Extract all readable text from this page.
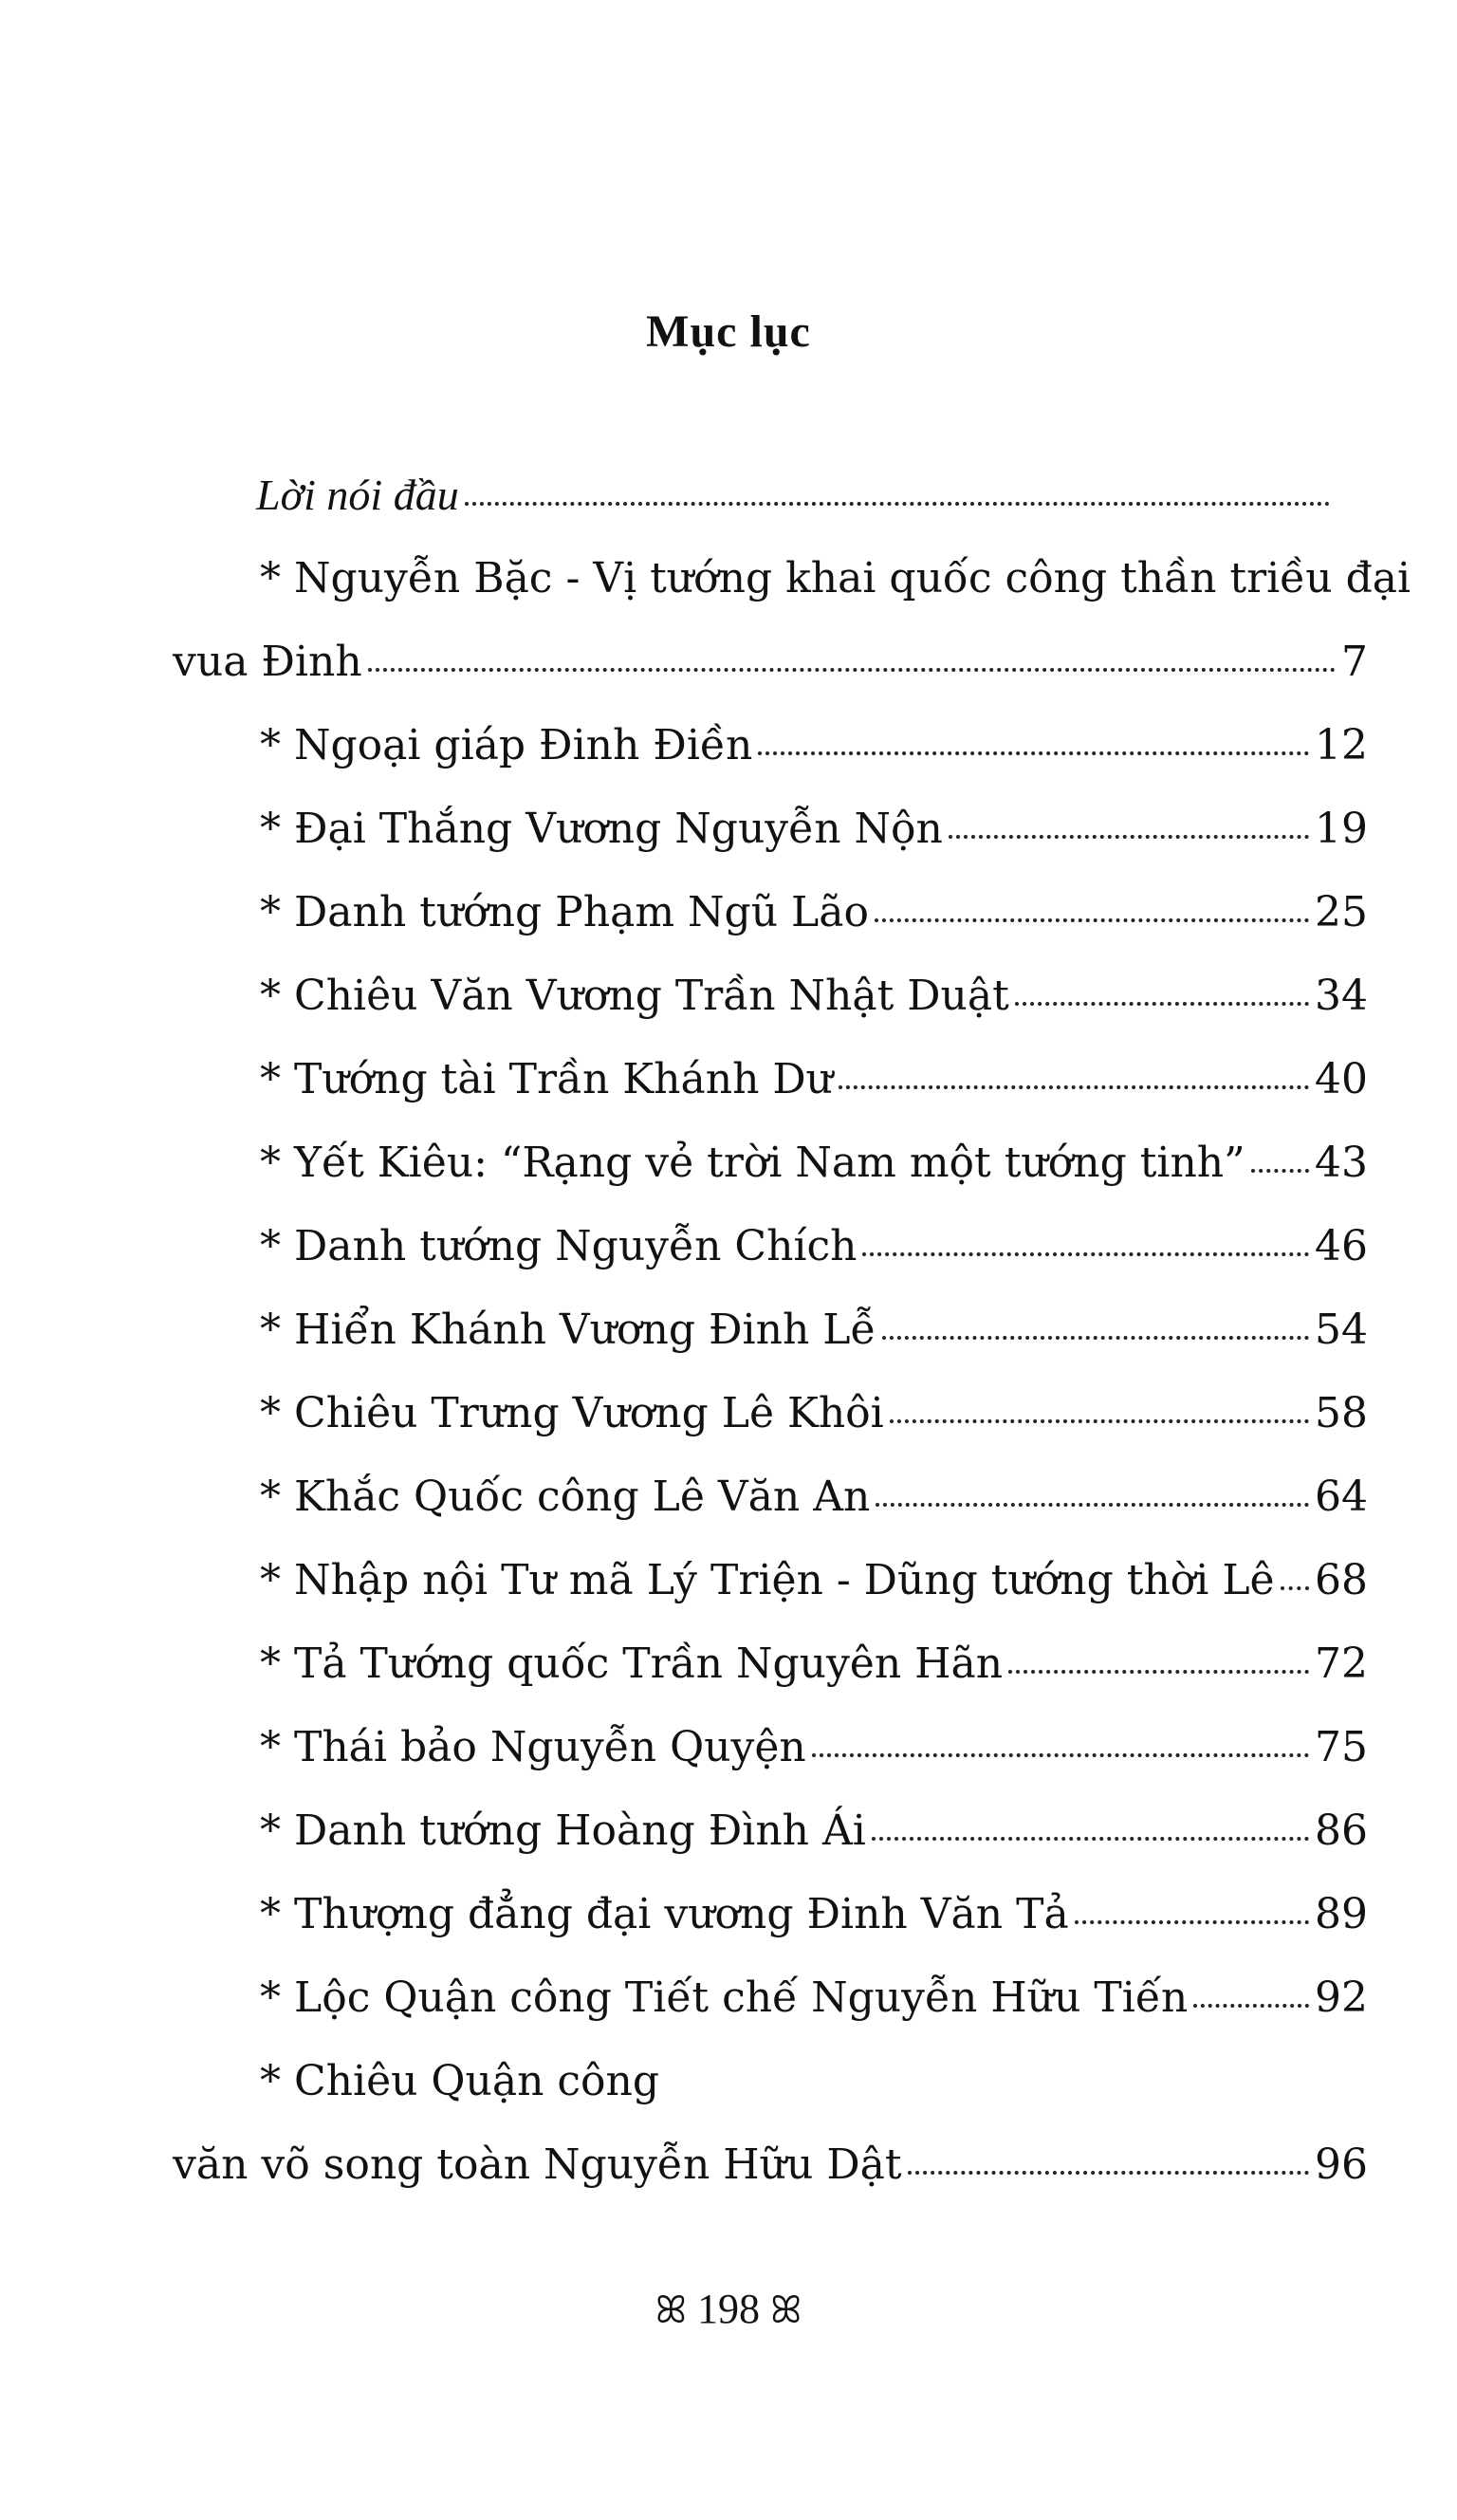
Mục lục
Lời nói đầu
* Nguyễn Bặc - Vị tướng khai quốc công thần triều đại
vua Đinh	7
* Ngoại giáp Đinh Điền	12
* Đại Thắng Vương Nguyễn Nộn	19
* Danh tướng Phạm Ngũ Lão	25
* Chiêu Văn Vương Trần Nhật Duật	34
* Tướng tài Trần Khánh Dư	40
* Yết Kiêu: “Rạng vẻ trời Nam một tướng tinh” 43
* Danh tướng Nguyễn Chích	46
* Hiển Khánh Vương Đinh Lễ	54
* Chiêu Trưng Vương Lê Khôi	58
* Khắc Quốc công Lê Văn An	64
* Nhập nội Tư mã Lý Triện - Dũng tướng thời Lê 68
* Tả Tướng quốc Trần Nguyên Hãn	72
* Thái bảo Nguyễn Quyện	75
* Danh tướng Hoàng Đình Ái	86
* Thượng đẳng đại vương Đinh Văn Tả	89
* Lộc Quận công Tiết chế Nguyễn Hữu Tiến	92
* Chiêu Quận công
văn võ song toàn Nguyễn Hữu Dật	96
ꕤ 198 ꕤ
